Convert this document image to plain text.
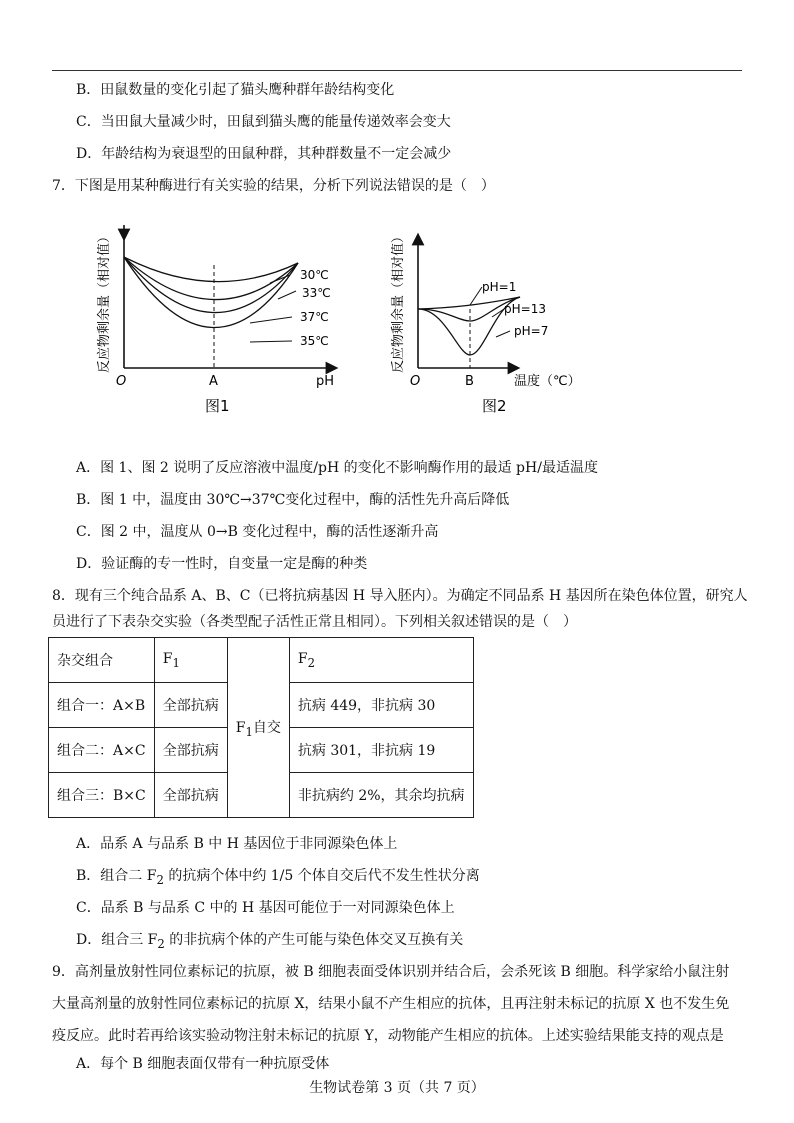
B．田鼠数量的变化引起了猫头鹰种群年龄结构变化
C．当田鼠大量减少时，田鼠到猫头鹰的能量传递效率会变大
D．年龄结构为衰退型的田鼠种群，其种群数量不一定会减少
7．下图是用某种酶进行有关实验的结果，分析下列说法错误的是（　）
30℃
33℃
37℃
35℃
反应物剩余量（相对值）
O	A	pH
图1
pH=1
pH=13
pH=7
反应物剩余量（相对值）
O	B	温度（℃）
图2
A．图 1、图 2 说明了反应溶液中温度/pH 的变化不影响酶作用的最适 pH/最适温度
B．图 1 中，温度由 30℃→37℃变化过程中，酶的活性先升高后降低
C．图 2 中，温度从 0→B 变化过程中，酶的活性逐渐升高
D．验证酶的专一性时，自变量一定是酶的种类
8．现有三个纯合品系 A、B、C（已将抗病基因 H 导入胚内）。为确定不同品系 H 基因所在染色体位置，研究人
员进行了下表杂交实验（各类型配子活性正常且相同）。下列相关叙述错误的是（　）
杂交组合	$F_1$	$F_1$自交	$F_2$
组合一：A×B	全部抗病		抗病 449，非抗病 30
组合二：A×C	全部抗病		抗病 301，非抗病 19
组合三：B×C	全部抗病		非抗病约 2%，其余均抗病
A．品系 A 与品系 B 中 H 基因位于非同源染色体上
B．组合二 $F_2$ 的抗病个体中约 1/5 个体自交后代不发生性状分离
C．品系 B 与品系 C 中的 H 基因可能位于一对同源染色体上
D．组合三 $F_2$ 的非抗病个体的产生可能与染色体交叉互换有关
9．高剂量放射性同位素标记的抗原，被 B 细胞表面受体识别并结合后，会杀死该 B 细胞。科学家给小鼠注射大量高剂量的放射性同位素标记的抗原 X，结果小鼠不产生相应的抗体，且再注射未标记的抗原 X 也不发生免疫反应。此时若再给该实验动物注射未标记的抗原 Y，动物能产生相应的抗体。上述实验结果能支持的观点是
A．每个 B 细胞表面仅带有一种抗原受体
生物试卷第 3 页（共 7 页）
